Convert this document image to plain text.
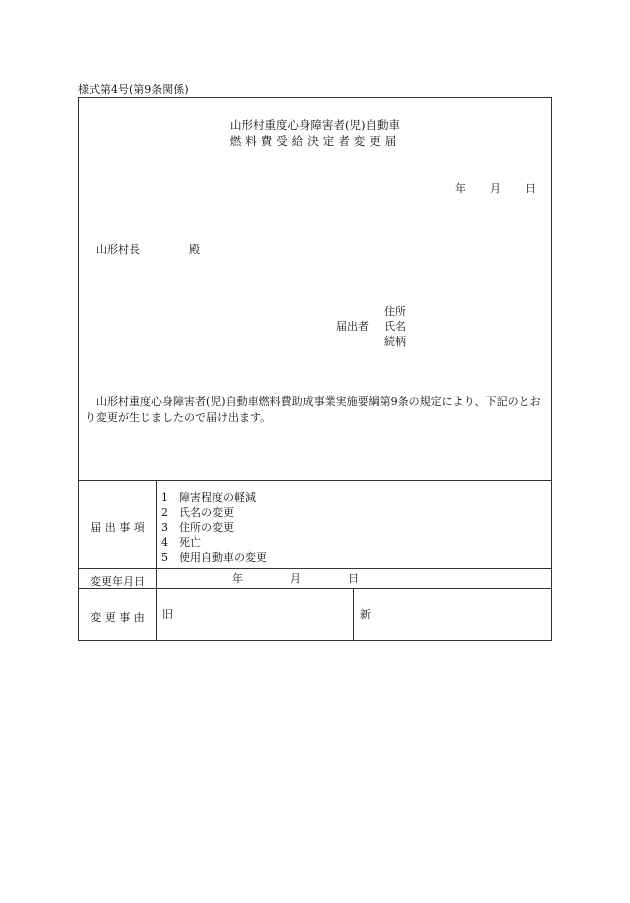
様式第4号(第9条関係)
山形村重度心身障害者(児)自動車
燃料費受給決定者変更届
年 月 日
山形村長	殿
住所
届出者 氏名
続柄
山形村重度心身障害者(児)自動車燃料費助成事業実施要綱第9条の規定により、下記のとおり変更が生じましたので届け出ます。
届 出 事 項
1 障害程度の軽減
2 氏名の変更
3 住所の変更
4 死亡
5 使用自動車の変更
変更年月日	年	月	日
変 更 事 由	旧	新
